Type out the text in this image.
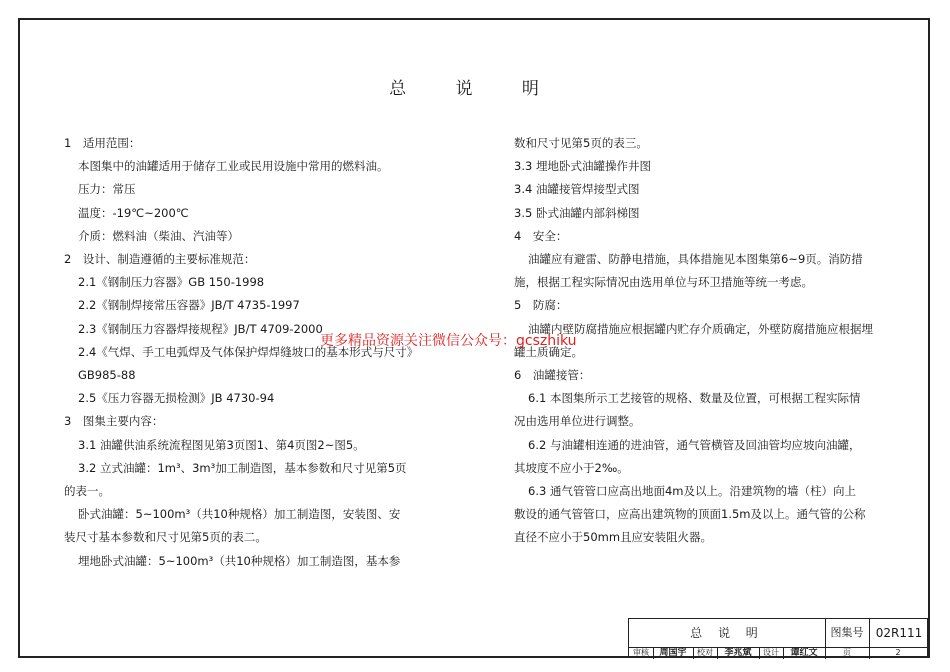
总 说 明
1　适用范围：
本图集中的油罐适用于储存工业或民用设施中常用的燃料油。
压力：常压
温度：-19℃~200℃
介质：燃料油（柴油、汽油等）
2　设计、制造遵循的主要标准规范：
2.1《钢制压力容器》GB 150-1998
2.2《钢制焊接常压容器》JB/T 4735-1997
2.3《钢制压力容器焊接规程》JB/T 4709-2000
2.4《气焊、手工电弧焊及气体保护焊焊缝坡口的基本形式与尺寸》
GB985-88
2.5《压力容器无损检测》JB 4730-94
3　图集主要内容：
3.1 油罐供油系统流程图见第3页图1、第4页图2~图5。
3.2 立式油罐：1m³、3m³加工制造图，基本参数和尺寸见第5页
的表一。
卧式油罐：5~100m³（共10种规格）加工制造图，安装图、安
装尺寸基本参数和尺寸见第5页的表二。
埋地卧式油罐：5~100m³（共10种规格）加工制造图，基本参
数和尺寸见第5页的表三。
3.3 埋地卧式油罐操作井图
3.4 油罐接管焊接型式图
3.5 卧式油罐内部斜梯图
4　安全：
油罐应有避雷、防静电措施，具体措施见本图集第6~9页。消防措
施，根据工程实际情况由选用单位与环卫措施等统一考虑。
5　防腐：
油罐内壁防腐措施应根据罐内贮存介质确定，外壁防腐措施应根据埋
罐土质确定。
6　油罐接管：
6.1 本图集所示工艺接管的规格、数量及位置，可根据工程实际情
况由选用单位进行调整。
6.2 与油罐相连通的进油管，通气管横管及回油管均应坡向油罐，
其坡度不应小于2‰。
6.3 通气管管口应高出地面4m及以上。沿建筑物的墙（柱）向上
敷设的通气管管口，应高出建筑物的顶面1.5m及以上。通气管的公称
直径不应小于50mm且应安装阻火器。
更多精品资源关注微信公众号：gcszhiku
总 说 明	图集号	02R111
审核	周国宇	校对	李兆斌	设计	谭红文	页	2
